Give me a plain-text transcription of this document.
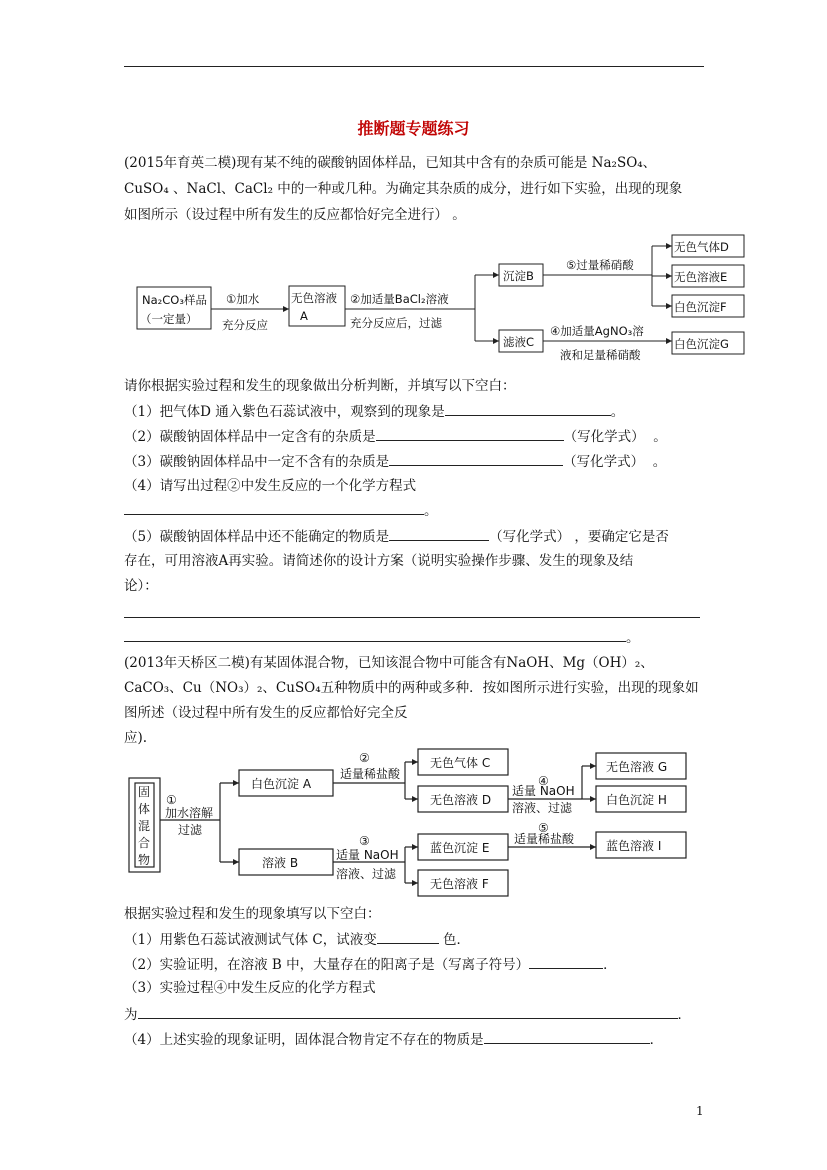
推断题专题练习
(2015年育英二模)现有某不纯的碳酸钠固体样品，已知其中含有的杂质可能是 Na₂SO₄、
CuSO₄ 、NaCl、CaCl₂ 中的一种或几种。为确定其杂质的成分，进行如下实验，出现的现象
如图所示（设过程中所有发生的反应都恰好完全进行） 。
Na₂CO₃样品
（一定量）
①加水
充分反应
无色溶液
A
②加适量BaCl₂溶液
充分反应后，过滤
沉淀B
滤液C
⑤过量稀硝酸
④加适量AgNO₃溶
液和足量稀硝酸
无色气体D
无色溶液E
白色沉淀F
白色沉淀G
请你根据实验过程和发生的现象做出分析判断，并填写以下空白：
（1）把气体D 通入紫色石蕊试液中，观察到的现象是	。
（2）碳酸钠固体样品中一定含有的杂质是	（写化学式） 。
（3）碳酸钠固体样品中一定不含有的杂质是	（写化学式） 。
（4）请写出过程②中发生反应的一个化学方程式
。
（5）碳酸钠固体样品中还不能确定的物质是	（写化学式） ，要确定它是否
存在，可用溶液A再实验。请简述你的设计方案（说明实验操作步骤、发生的现象及结
论）：
。
(2013年天桥区二模)有某固体混合物，已知该混合物中可能含有NaOH、Mg（OH）₂、
CaCO₃、Cu（NO₃）₂、CuSO₄五种物质中的两种或多种．按如图所示进行实验，出现的现象如
图所述（设过程中所有发生的反应都恰好完全反
应).
固
体
混
合
物
①
加水溶解
过滤
白色沉淀 A
溶液 B
②
适量稀盐酸
③
适量 NaOH
溶液、过滤
无色气体 C
无色溶液 D
蓝色沉淀 E
无色溶液 F
④
适量 NaOH
溶液、过滤
⑤
适量稀盐酸
无色溶液 G
白色沉淀 H
蓝色溶液 I
根据实验过程和发生的现象填写以下空白：
（1）用紫色石蕊试液测试气体 C，试液变	色．
（2）实验证明，在溶液 B 中，大量存在的阳离子是（写离子符号）	．
（3）实验过程④中发生反应的化学方程式
为	．
（4）上述实验的现象证明，固体混合物肯定不存在的物质是	．
1
